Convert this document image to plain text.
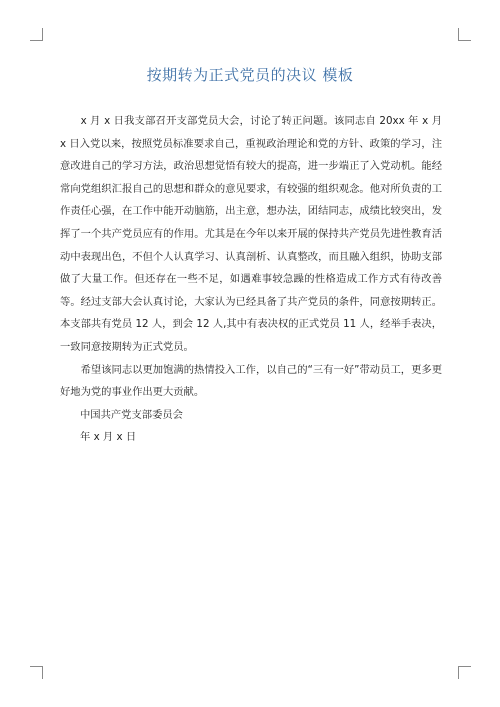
按期转为正式党员的决议 模板

x 月 x 日我支部召开支部党员大会，讨论了转正问题。该同志自 20xx 年 x 月 x 日入党以来，按照党员标准要求自己，重视政治理论和党的方针、政策的学习，注意改进自己的学习方法，政治思想觉悟有较大的提高，进一步端正了入党动机。能经常向党组织汇报自己的思想和群众的意见要求，有较强的组织观念。他对所负责的工作责任心强，在工作中能开动脑筋，出主意，想办法，团结同志，成绩比较突出，发挥了一个共产党员应有的作用。尤其是在今年以来开展的保持共产党员先进性教育活动中表现出色，不但个人认真学习、认真剖析、认真整改，而且融入组织，协助支部做了大量工作。但还存在一些不足，如遇难事较急躁的性格造成工作方式有待改善等。经过支部大会认真讨论，大家认为已经具备了共产党员的条件，同意按期转正。本支部共有党员 12 人，到会 12 人,其中有表决权的正式党员 11 人，经举手表决，一致同意按期转为正式党员。

希望该同志以更加饱满的热情投入工作，以自己的“三有一好”带动员工，更多更好地为党的事业作出更大贡献。

中国共产党支部委员会

年 x 月 x 日
